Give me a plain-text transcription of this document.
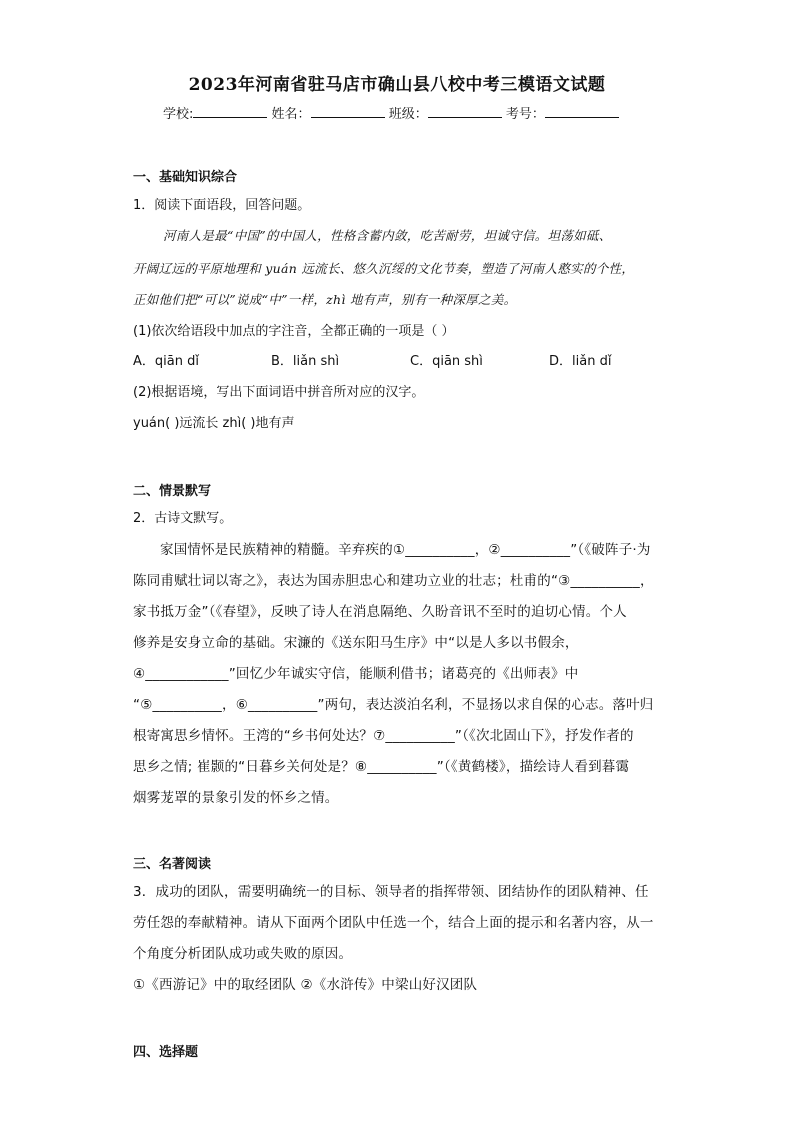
2023年河南省驻马店市确山县八校中考三模语文试题
学校:	姓名：	班级：	考号：
一、基础知识综合
1．阅读下面语段，回答问题。
河南人是最“中国”的中国人，性格含蓄内敛，吃苦耐劳，坦诚守信。坦荡如砥、
开阔辽远的平原地理和 yuán 远流长、悠久沉绥的文化节奏，塑造了河南人憨实的个性，
正如他们把“可以”说成“中”一样，zhì 地有声，别有一种深厚之美。
(1)依次给语段中加点的字注音，全都正确的一项是（ ）
A．qiān dǐ	B．liǎn shì	C．qiān shì	D．liǎn dǐ
(2)根据语境，写出下面词语中拼音所对应的汉字。
yuán( )远流长 zhì( )地有声
二、情景默写
2．古诗文默写。
家国情怀是民族精神的精髓。辛弃疾的①__________，②__________”（《破阵子·为
陈同甫赋壮词以寄之》，表达为国赤胆忠心和建功立业的壮志；杜甫的“③__________，
家书抵万金”（《春望》，反映了诗人在消息隔绝、久盼音讯不至时的迫切心情。个人
修养是安身立命的基础。宋濂的《送东阳马生序》中“以是人多以书假余，
④____________”回忆少年诚实守信，能顺利借书；诸葛亮的《出师表》中
“⑤__________，⑥__________”两句，表达淡泊名利，不显扬以求自保的心志。落叶归
根寄寓思乡情怀。王湾的“乡书何处达？⑦__________”（《次北固山下》，抒发作者的
思乡之情; 崔颢的“日暮乡关何处是？⑧__________”（《黄鹤楼》，描绘诗人看到暮霭
烟雾茏罩的景象引发的怀乡之情。
三、名著阅读
3．成功的团队，需要明确统一的目标、领导者的指挥带领、团结协作的团队精神、任
劳任怨的奉献精神。请从下面两个团队中任选一个，结合上面的提示和名著内容，从一
个角度分析团队成功或失败的原因。
①《西游记》中的取经团队 ②《水浒传》中梁山好汉团队
四、选择题
